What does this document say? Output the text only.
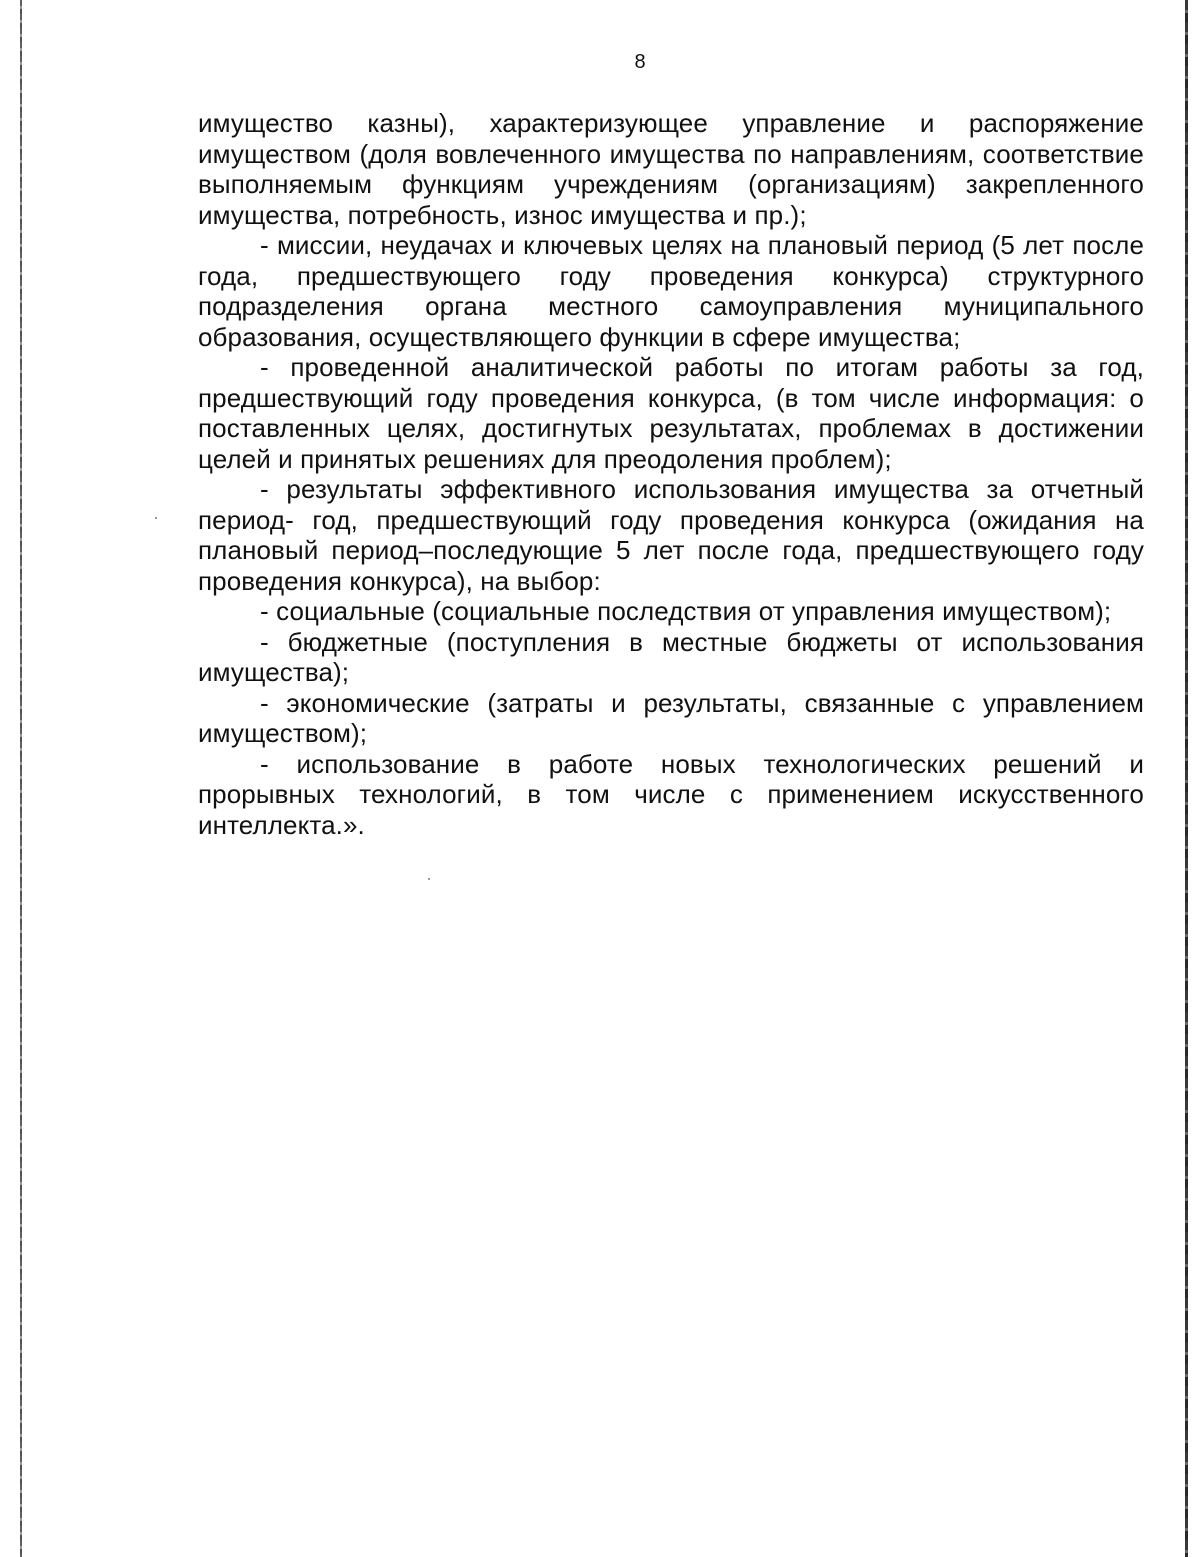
8

имущество казны), характеризующее управление и распоряжение имуществом (доля вовлеченного имущества по направлениям, соответствие выполняемым функциям учреждениям (организациям) закрепленного имущества, потребность, износ имущества и пр.);

- миссии, неудачах и ключевых целях на плановый период (5 лет после года, предшествующего году проведения конкурса) структурного подразделения органа местного самоуправления муниципального образования, осуществляющего функции в сфере имущества;

- проведенной аналитической работы по итогам работы за год, предшествующий году проведения конкурса, (в том числе информация: о поставленных целях, достигнутых результатах, проблемах в достижении целей и принятых решениях для преодоления проблем);

- результаты эффективного использования имущества за отчетный период- год, предшествующий году проведения конкурса (ожидания на плановый период–последующие 5 лет после года, предшествующего году проведения конкурса), на выбор:

- социальные (социальные последствия от управления имуществом);

- бюджетные (поступления в местные бюджеты от использования имущества);

- экономические (затраты и результаты, связанные с управлением имуществом);

- использование в работе новых технологических решений и прорывных технологий, в том числе с применением искусственного интеллекта.».
